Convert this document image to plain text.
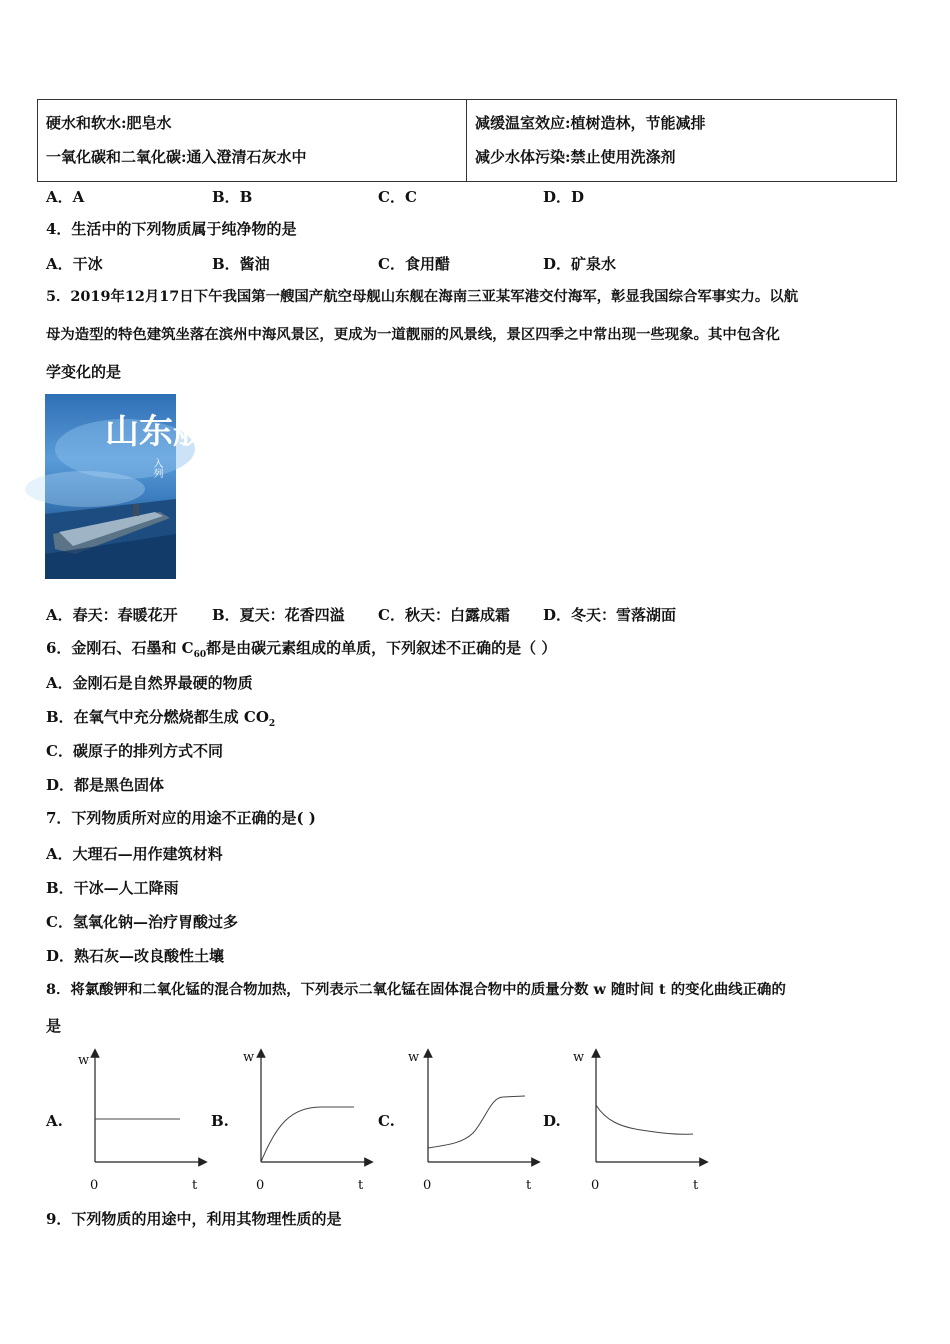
硬水和软水:肥皂水
一氧化碳和二氧化碳:通入澄清石灰水中

减缓温室效应:植树造林，节能减排
减少水体污染:禁止使用洗涤剂
A．A	B．B	C．C	D．D
4．生活中的下列物质属于纯净物的是
A．干冰	B．酱油	C．食用醋	D．矿泉水
5．2019年12月17日下午我国第一艘国产航空母舰山东舰在海南三亚某军港交付海军，彰显我国综合军事实力。以航
母为造型的特色建筑坐落在滨州中海风景区，更成为一道靓丽的风景线，景区四季之中常出现一些现象。其中包含化
学变化的是
山东舰
入列
A．春天：春暖花开 B．夏天：花香四溢 C．秋天：白露成霜 D．冬天：雪落湖面
6．金刚石、石墨和 $C_{60}$都是由碳元素组成的单质，下列叙述不正确的是（ ）
A．金刚石是自然界最硬的物质
B．在氧气中充分燃烧都生成 $CO_2$
C．碳原子的排列方式不同
D．都是黑色固体
7．下列物质所对应的用途不正确的是( )
A．大理石—用作建筑材料
B．干冰—人工降雨
C．氢氧化钠—治疗胃酸过多
D．熟石灰—改良酸性土壤
8．将氯酸钾和二氧化锰的混合物加热，下列表示二氧化锰在固体混合物中的质量分数 w 随时间 t 的变化曲线正确的
是
A.
w
0	t
B.
w
0	t
C.
w
0	t
D.
w
0	t
9．下列物质的用途中，利用其物理性质的是
